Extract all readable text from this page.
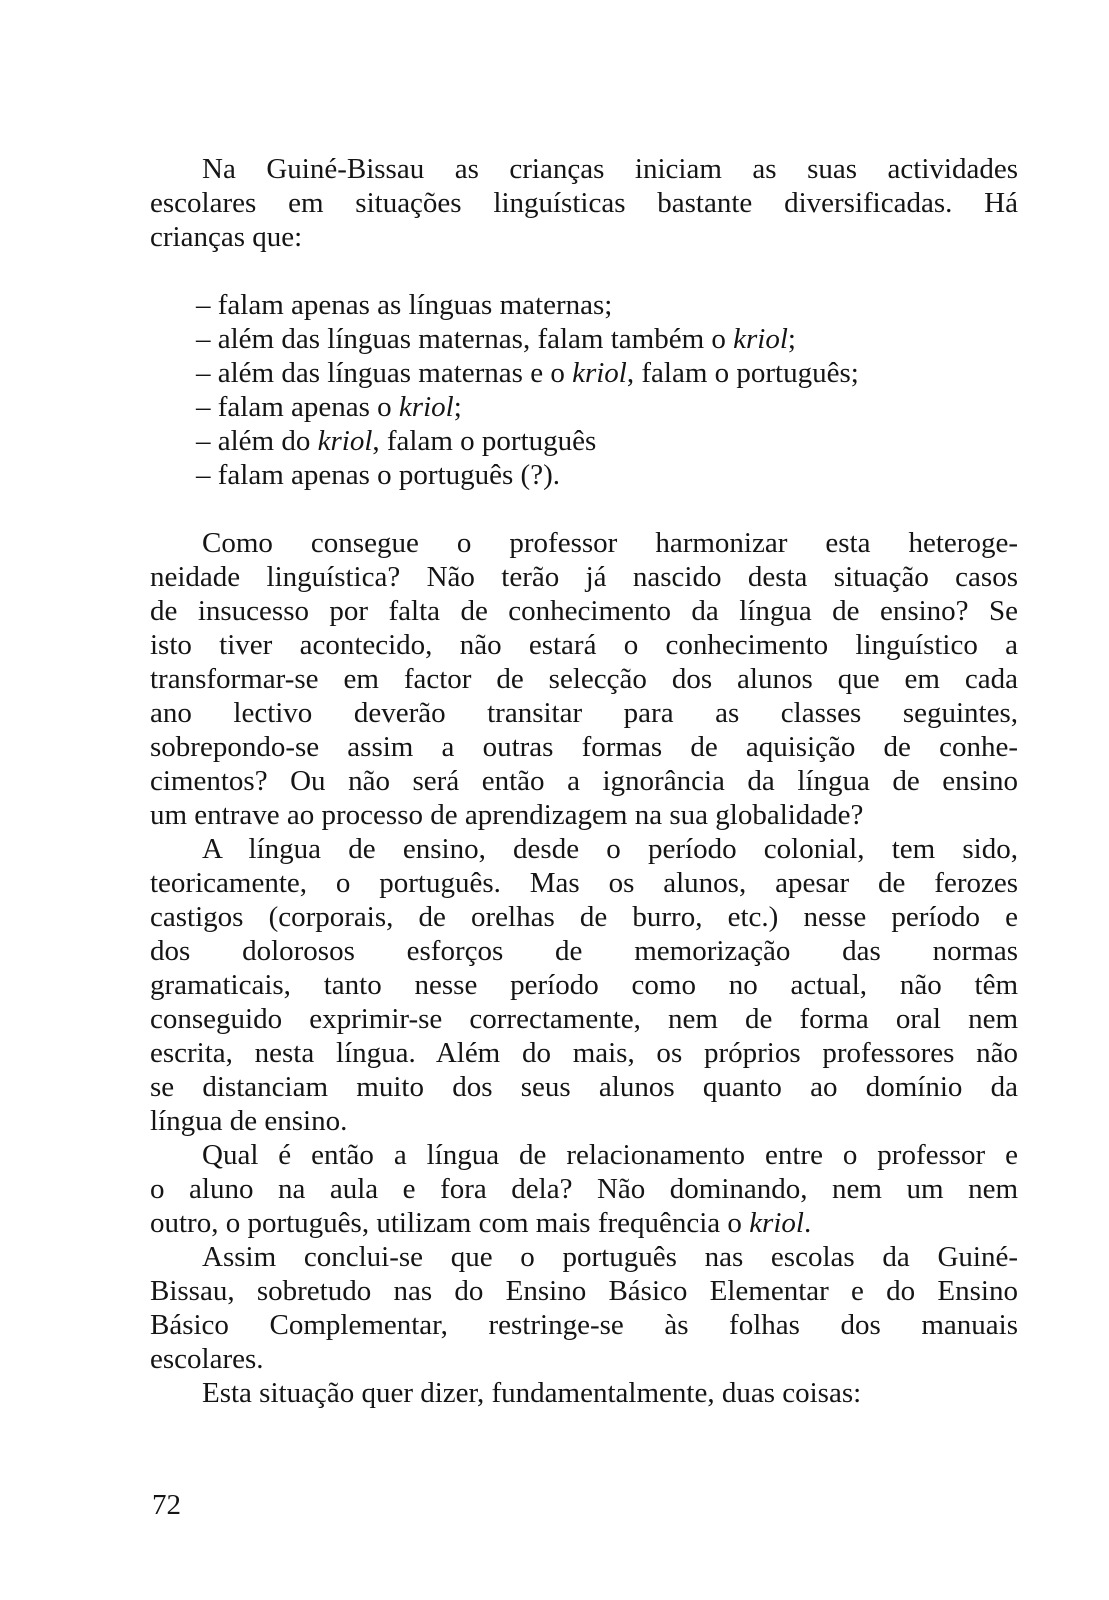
Na Guiné-Bissau as crianças iniciam as suas actividades
escolares em situações linguísticas bastante diversificadas. Há
crianças que:
– falam apenas as línguas maternas;
– além das línguas maternas, falam também o kriol;
– além das línguas maternas e o kriol, falam o português;
– falam apenas o kriol;
– além do kriol, falam o português
– falam apenas o português (?).
Como consegue o professor harmonizar esta heteroge-
neidade linguística? Não terão já nascido desta situação casos
de insucesso por falta de conhecimento da língua de ensino? Se
isto tiver acontecido, não estará o conhecimento linguístico a
transformar-se em factor de selecção dos alunos que em cada
ano lectivo deverão transitar para as classes seguintes,
sobrepondo-se assim a outras formas de aquisição de conhe-
cimentos? Ou não será então a ignorância da língua de ensino
um entrave ao processo de aprendizagem na sua globalidade?
A língua de ensino, desde o período colonial, tem sido,
teoricamente, o português. Mas os alunos, apesar de ferozes
castigos (corporais, de orelhas de burro, etc.) nesse período e
dos dolorosos esforços de memorização das normas
gramaticais, tanto nesse período como no actual, não têm
conseguido exprimir-se correctamente, nem de forma oral nem
escrita, nesta língua. Além do mais, os próprios professores não
se distanciam muito dos seus alunos quanto ao domínio da
língua de ensino.
Qual é então a língua de relacionamento entre o professor e
o aluno na aula e fora dela? Não dominando, nem um nem
outro, o português, utilizam com mais frequência o kriol.
Assim conclui-se que o português nas escolas da Guiné-
Bissau, sobretudo nas do Ensino Básico Elementar e do Ensino
Básico Complementar, restringe-se às folhas dos manuais
escolares.
Esta situação quer dizer, fundamentalmente, duas coisas:
72
